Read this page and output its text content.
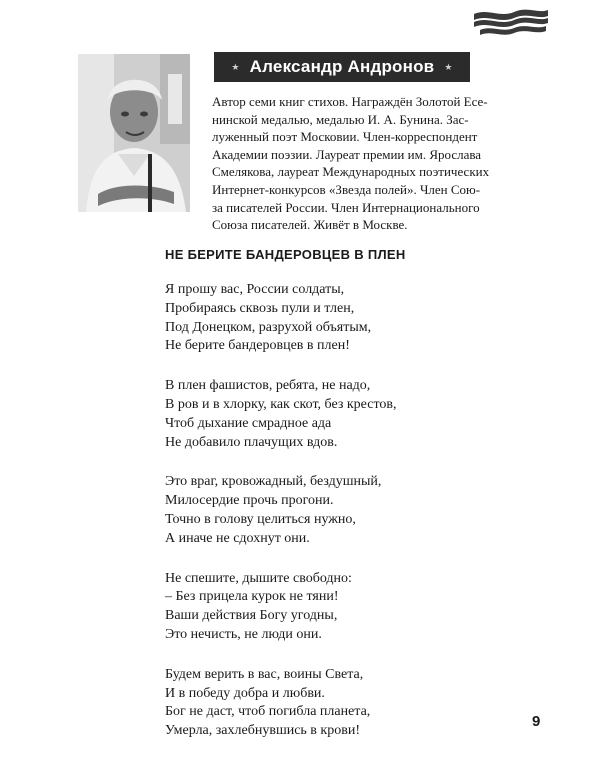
★ Александр Андронов ★
Автор семи книг стихов. Награждён Золотой Есе-
нинской медалью, медалью И. А. Бунина. Зас-
луженный поэт Московии. Член-корреспондент
Академии поэзии. Лауреат премии им. Ярослава
Смелякова, лауреат Международных поэтических
Интернет-конкурсов «Звезда полей». Член Сою-
за писателей России. Член Интернационального
Союза писателей. Живёт в Москве.
НЕ БЕРИТЕ БАНДЕРОВЦЕВ В ПЛЕН
Я прошу вас, России солдаты,
Пробираясь сквозь пули и тлен,
Под Донецком, разрухой объятым,
Не берите бандеровцев в плен!
В плен фашистов, ребята, не надо,
В ров и в хлорку, как скот, без крестов,
Чтоб дыхание смрадное ада
Не добавило плачущих вдов.
Это враг, кровожадный, бездушный,
Милосердие прочь прогони.
Точно в голову целиться нужно,
А иначе не сдохнут они.
Не спешите, дышите свободно:
– Без прицела курок не тяни!
Ваши действия Богу угодны,
Это нечисть, не люди они.
Будем верить в вас, воины Света,
И в победу добра и любви.
Бог не даст, чтоб погибла планета,
Умерла, захлебнувшись в крови!
9
